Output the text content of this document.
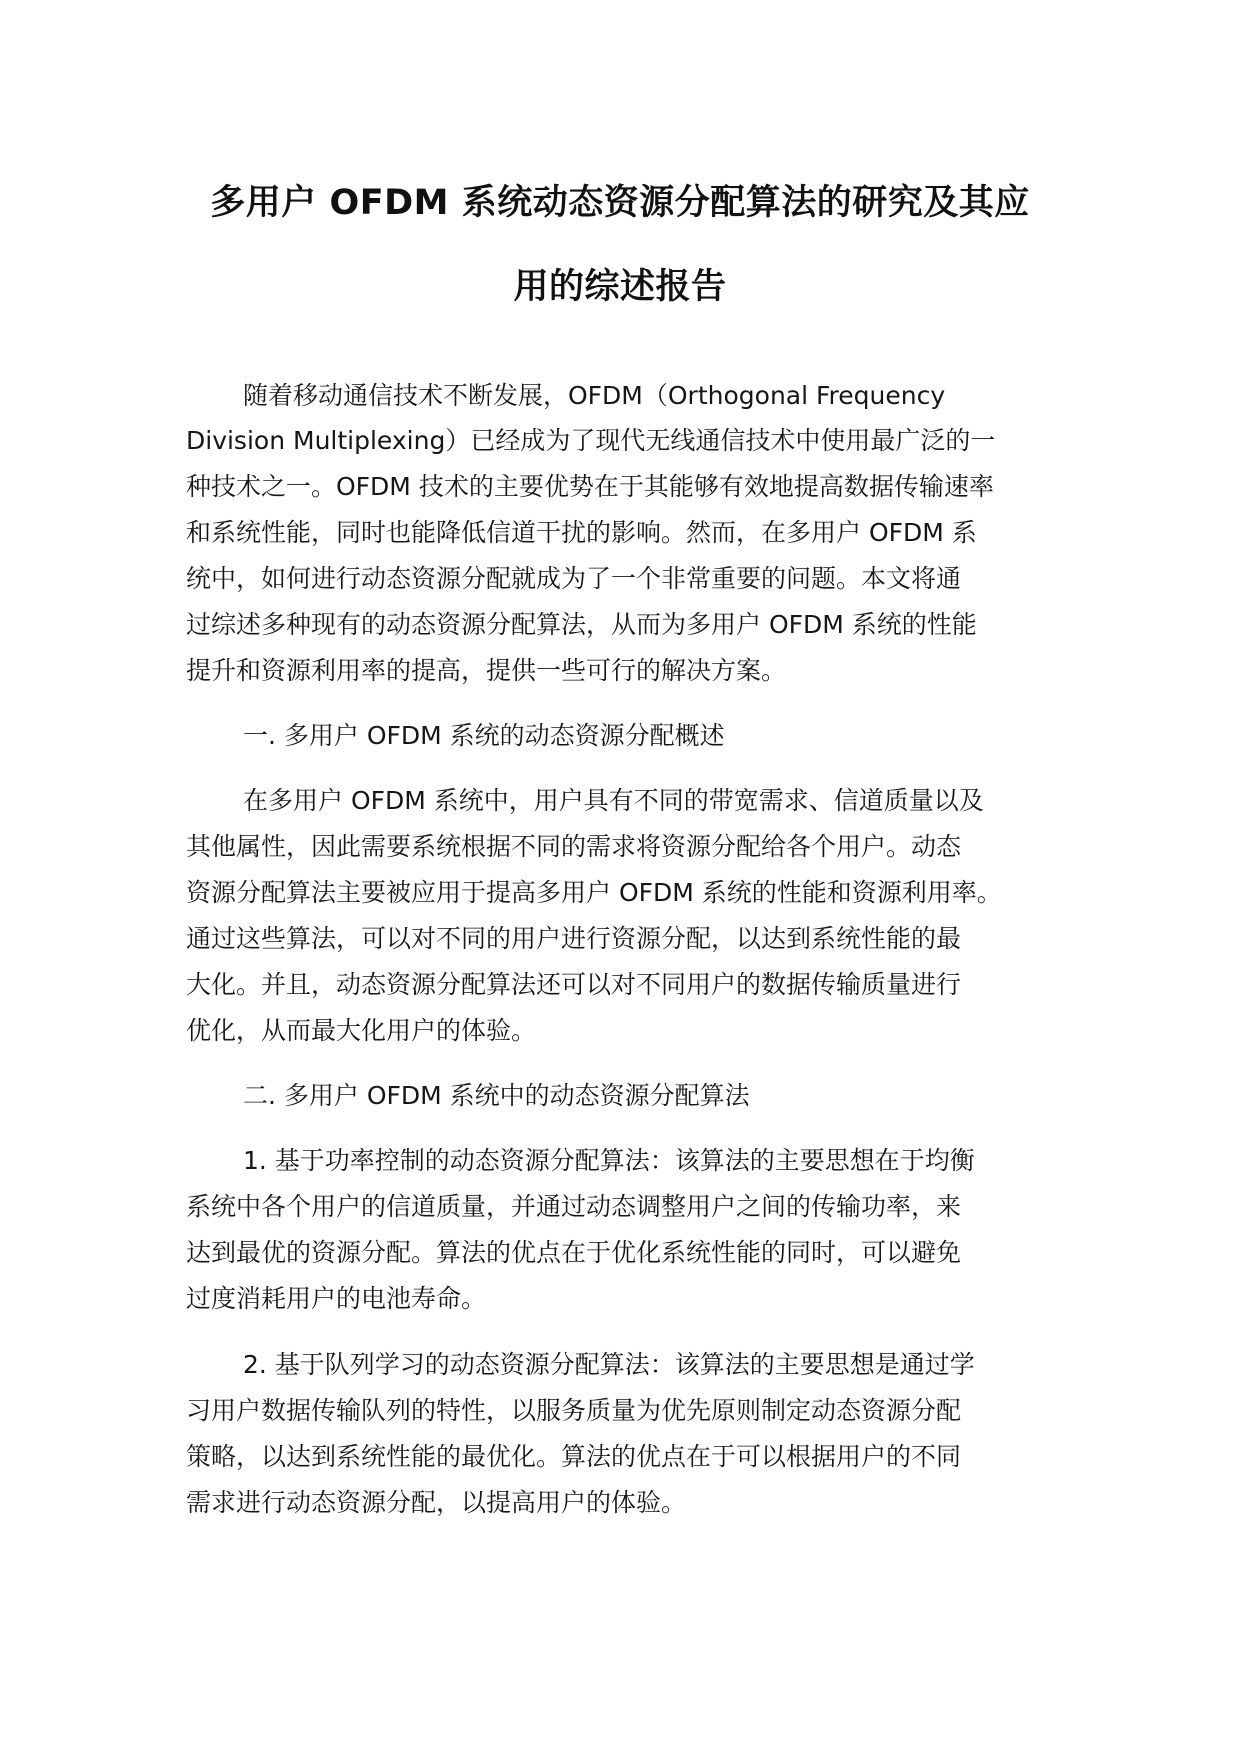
多用户 OFDM 系统动态资源分配算法的研究及其应
用的综述报告
随着移动通信技术不断发展，OFDM（Orthogonal Frequency
Division Multiplexing）已经成为了现代无线通信技术中使用最广泛的一
种技术之一。OFDM 技术的主要优势在于其能够有效地提高数据传输速率
和系统性能，同时也能降低信道干扰的影响。然而，在多用户 OFDM 系
统中，如何进行动态资源分配就成为了一个非常重要的问题。本文将通
过综述多种现有的动态资源分配算法，从而为多用户 OFDM 系统的性能
提升和资源利用率的提高，提供一些可行的解决方案。
一. 多用户 OFDM 系统的动态资源分配概述
在多用户 OFDM 系统中，用户具有不同的带宽需求、信道质量以及
其他属性，因此需要系统根据不同的需求将资源分配给各个用户。动态
资源分配算法主要被应用于提高多用户 OFDM 系统的性能和资源利用率。
通过这些算法，可以对不同的用户进行资源分配，以达到系统性能的最
大化。并且，动态资源分配算法还可以对不同用户的数据传输质量进行
优化，从而最大化用户的体验。
二. 多用户 OFDM 系统中的动态资源分配算法
1. 基于功率控制的动态资源分配算法：该算法的主要思想在于均衡
系统中各个用户的信道质量，并通过动态调整用户之间的传输功率，来
达到最优的资源分配。算法的优点在于优化系统性能的同时，可以避免
过度消耗用户的电池寿命。
2. 基于队列学习的动态资源分配算法：该算法的主要思想是通过学
习用户数据传输队列的特性，以服务质量为优先原则制定动态资源分配
策略，以达到系统性能的最优化。算法的优点在于可以根据用户的不同
需求进行动态资源分配，以提高用户的体验。
